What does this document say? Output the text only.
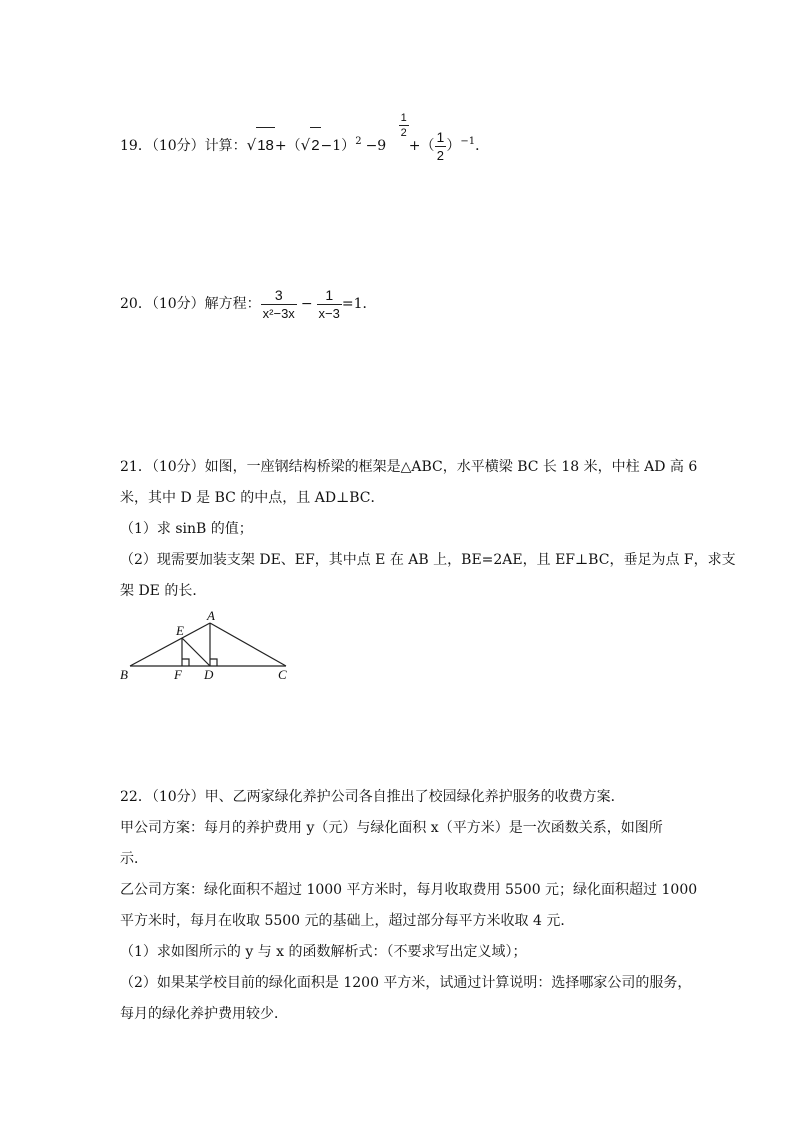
19．（10分）计算：$√18+(√2-1)^2 -9$
$\frac{1}{2}$
+（ $\frac{1}{2} )^{-1}$．
20．（10分）解方程： $\frac{3}{\text{x²−3x}} - \frac{1}{x-3} =1$．
21．（10分）如图，一座钢结构桥梁的框架是△ABC，水平横梁 BC 长 18 米，中柱 AD 高 6
米，其中 D 是 BC 的中点，且 AD⊥BC．
（1）求 sinB 的值；
（2）现需要加装支架 DE、EF，其中点 E 在 AB 上，BE=2AE，且 EF⊥BC，垂足为点 F，求支
架 DE 的长．
A
E
B	F D	C
22．（10分）甲、乙两家绿化养护公司各自推出了校园绿化养护服务的收费方案．
甲公司方案：每月的养护费用 y（元）与绿化面积 x（平方米）是一次函数关系，如图所
示．
乙公司方案：绿化面积不超过 1000 平方米时，每月收取费用 5500 元；绿化面积超过 1000
平方米时，每月在收取 5500 元的基础上，超过部分每平方米收取 4 元．
（1）求如图所示的 y 与 x 的函数解析式：（不要求写出定义域）；
（2）如果某学校目前的绿化面积是 1200 平方米，试通过计算说明：选择哪家公司的服务，
每月的绿化养护费用较少．
